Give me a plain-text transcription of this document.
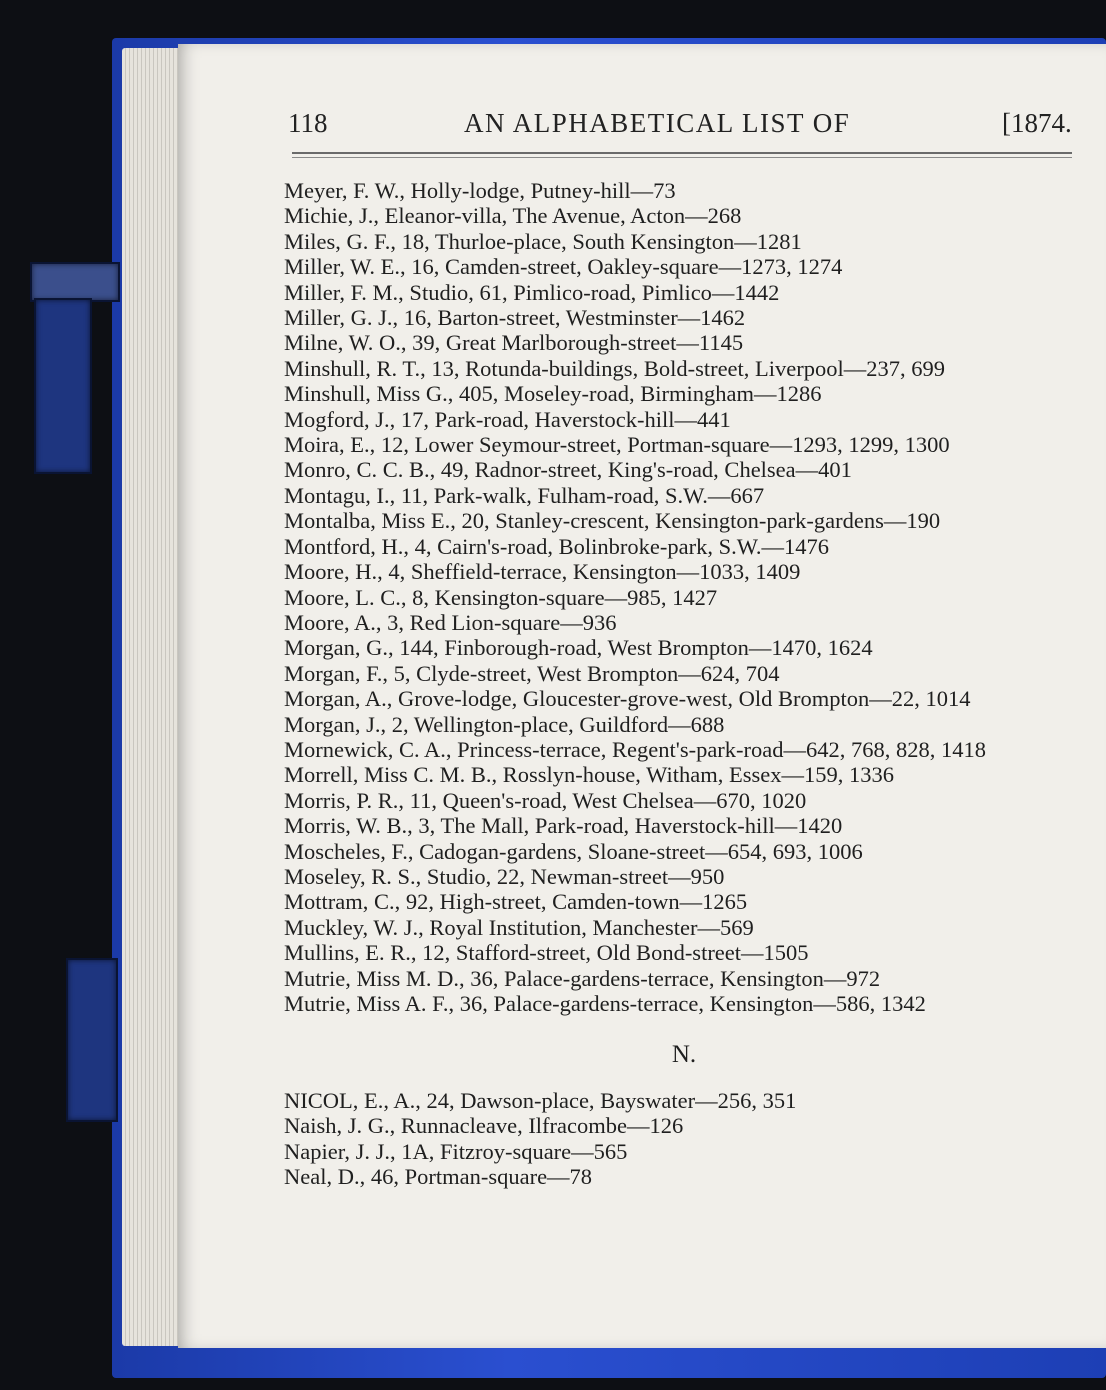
118	AN ALPHABETICAL LIST OF	[1874.

Meyer, F. W., Holly-lodge, Putney-hill—73

Michie, J., Eleanor-villa, The Avenue, Acton—268

Miles, G. F., 18, Thurloe-place, South Kensington—1281

Miller, W. E., 16, Camden-street, Oakley-square—1273, 1274

Miller, F. M., Studio, 61, Pimlico-road, Pimlico—1442

Miller, G. J., 16, Barton-street, Westminster—1462

Milne, W. O., 39, Great Marlborough-street—1145

Minshull, R. T., 13, Rotunda-buildings, Bold-street, Liverpool—237, 699

Minshull, Miss G., 405, Moseley-road, Birmingham—1286

Mogford, J., 17, Park-road, Haverstock-hill—441

Moira, E., 12, Lower Seymour-street, Portman-square—1293, 1299, 1300

Monro, C. C. B., 49, Radnor-street, King's-road, Chelsea—401

Montagu, I., 11, Park-walk, Fulham-road, S.W.—667

Montalba, Miss E., 20, Stanley-crescent, Kensington-park-gardens—190

Montford, H., 4, Cairn's-road, Bolinbroke-park, S.W.—1476

Moore, H., 4, Sheffield-terrace, Kensington—1033, 1409

Moore, L. C., 8, Kensington-square—985, 1427

Moore, A., 3, Red Lion-square—936

Morgan, G., 144, Finborough-road, West Brompton—1470, 1624

Morgan, F., 5, Clyde-street, West Brompton—624, 704

Morgan, A., Grove-lodge, Gloucester-grove-west, Old Brompton—22, 1014

Morgan, J., 2, Wellington-place, Guildford—688

Mornewick, C. A., Princess-terrace, Regent's-park-road—642, 768, 828, 1418

Morrell, Miss C. M. B., Rosslyn-house, Witham, Essex—159, 1336

Morris, P. R., 11, Queen's-road, West Chelsea—670, 1020

Morris, W. B., 3, The Mall, Park-road, Haverstock-hill—1420

Moscheles, F., Cadogan-gardens, Sloane-street—654, 693, 1006

Moseley, R. S., Studio, 22, Newman-street—950

Mottram, C., 92, High-street, Camden-town—1265

Muckley, W. J., Royal Institution, Manchester—569

Mullins, E. R., 12, Stafford-street, Old Bond-street—1505

Mutrie, Miss M. D., 36, Palace-gardens-terrace, Kensington—972

Mutrie, Miss A. F., 36, Palace-gardens-terrace, Kensington—586, 1342

N.

NICOL, E., A., 24, Dawson-place, Bayswater—256, 351

Naish, J. G., Runnacleave, Ilfracombe—126

Napier, J. J., 1A, Fitzroy-square—565

Neal, D., 46, Portman-square—78
